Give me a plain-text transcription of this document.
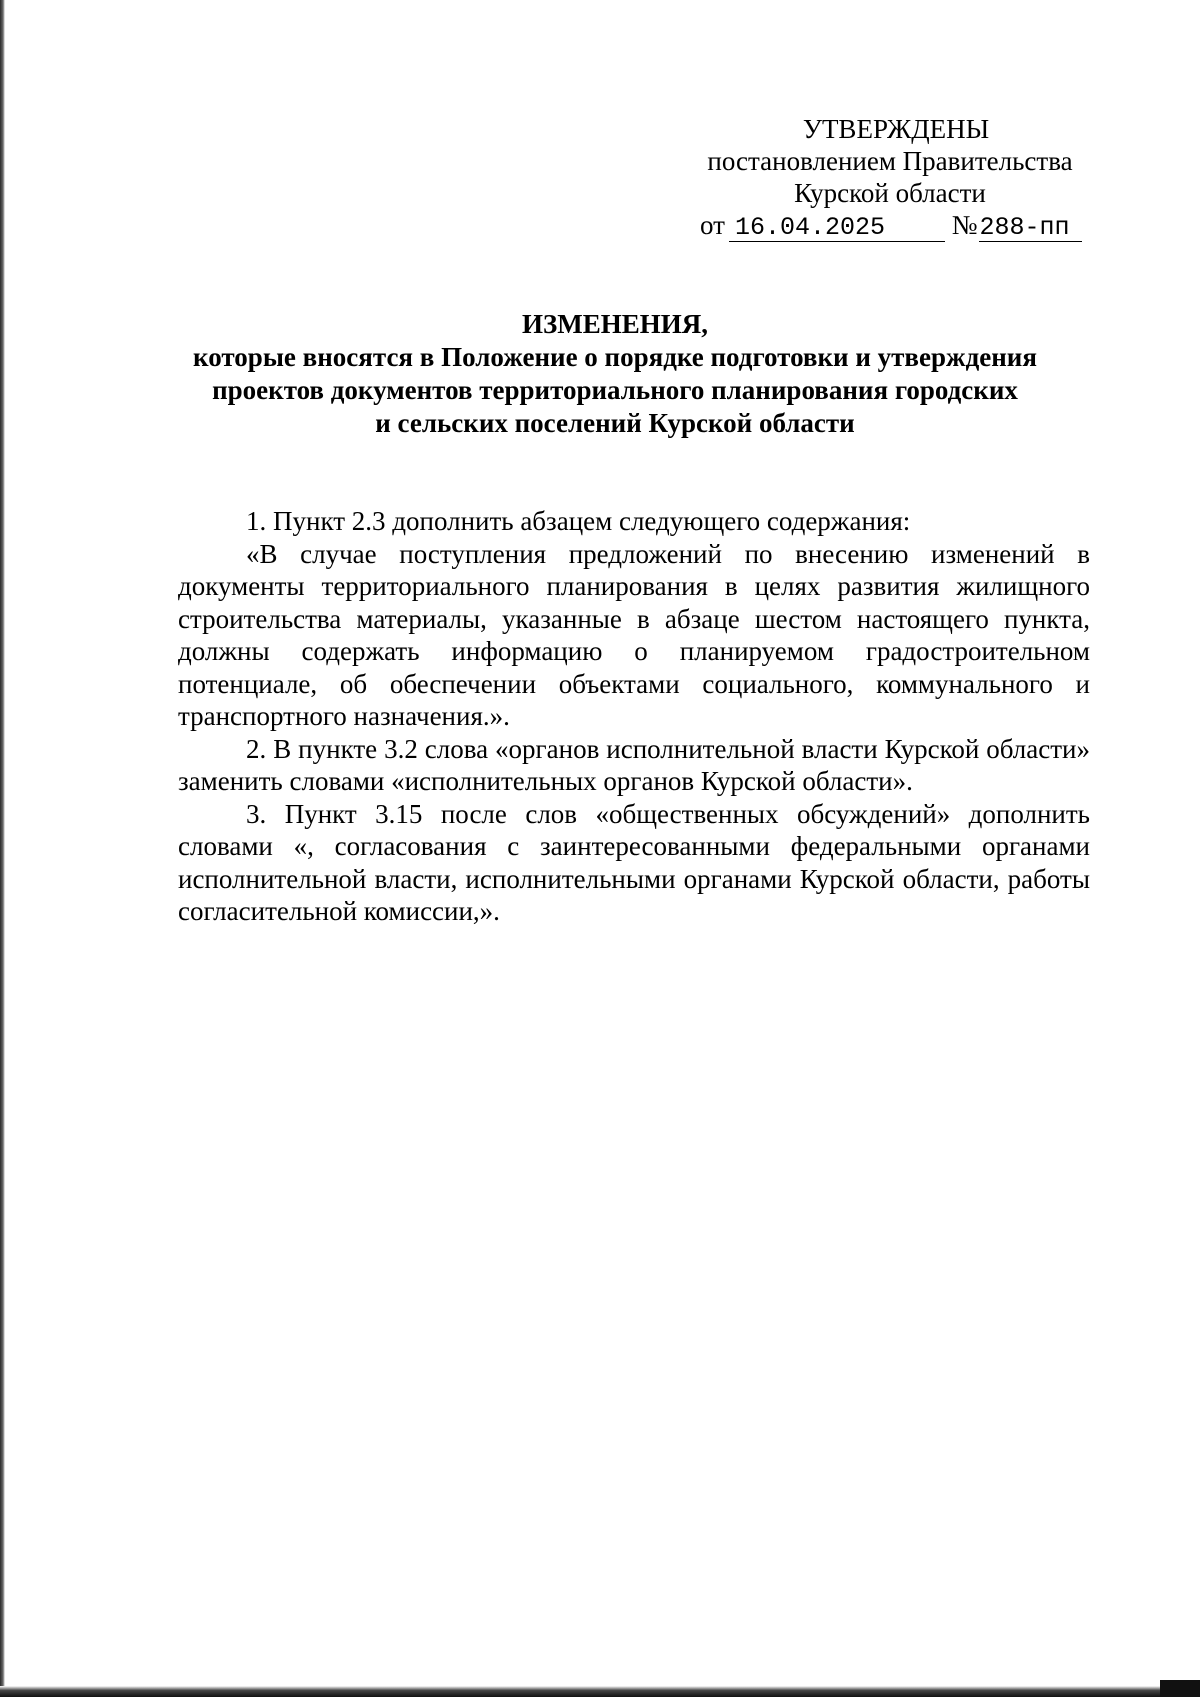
УТВЕРЖДЕНЫ
постановлением Правительства
Курской области
от 16.04.2025 №288-пп
ИЗМЕНЕНИЯ,
которые вносятся в Положение о порядке подготовки и утверждения
проектов документов территориального планирования городских
и сельских поселений Курской области

1. Пункт 2.3 дополнить абзацем следующего содержания:

«В случае поступления предложений по внесению изменений в документы территориального планирования в целях развития жилищного строительства материалы, указанные в абзаце шестом настоящего пункта, должны содержать информацию о планируемом градостроительном потенциале, об обеспечении объектами социального, коммунального и транспортного назначения.».

2. В пункте 3.2 слова «органов исполнительной власти Курской области» заменить словами «исполнительных органов Курской области».

3. Пункт 3.15 после слов «общественных обсуждений» дополнить словами «, согласования с заинтересованными федеральными органами исполнительной власти, исполнительными органами Курской области, работы согласительной комиссии,».
